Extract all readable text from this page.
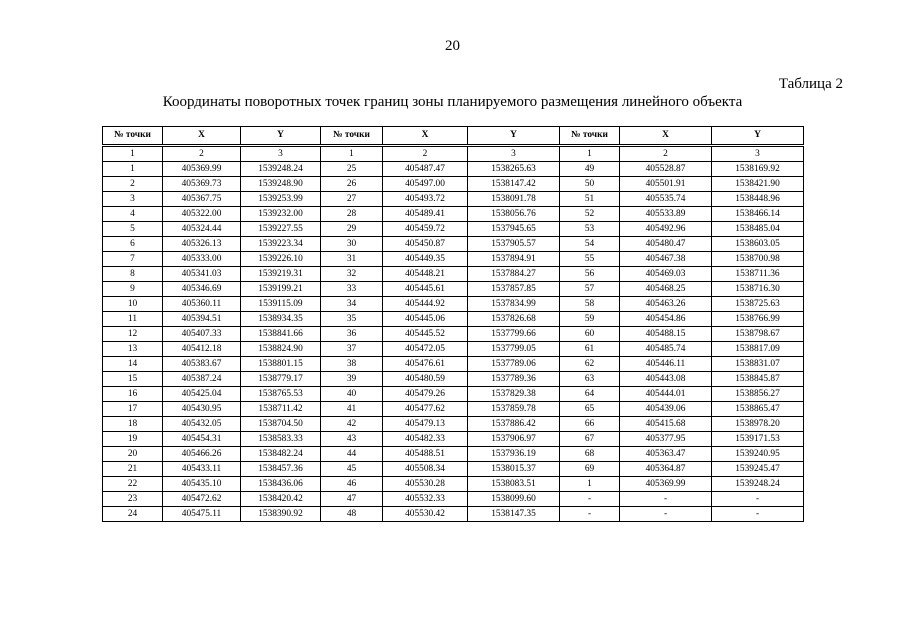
20
Таблица 2
Координаты поворотных точек границ зоны планируемого размещения линейного объекта
№ точки	X	Y	№ точки	X	Y	№ точки	X	Y
1	2	3	1	2	3	1	2	3
1	405369.99	1539248.24	25	405487.47	1538265.63	49	405528.87	1538169.92
2	405369.73	1539248.90	26	405497.00	1538147.42	50	405501.91	1538421.90
3	405367.75	1539253.99	27	405493.72	1538091.78	51	405535.74	1538448.96
4	405322.00	1539232.00	28	405489.41	1538056.76	52	405533.89	1538466.14
5	405324.44	1539227.55	29	405459.72	1537945.65	53	405492.96	1538485.04
6	405326.13	1539223.34	30	405450.87	1537905.57	54	405480.47	1538603.05
7	405333.00	1539226.10	31	405449.35	1537894.91	55	405467.38	1538700.98
8	405341.03	1539219.31	32	405448.21	1537884.27	56	405469.03	1538711.36
9	405346.69	1539199.21	33	405445.61	1537857.85	57	405468.25	1538716.30
10	405360.11	1539115.09	34	405444.92	1537834.99	58	405463.26	1538725.63
11	405394.51	1538934.35	35	405445.06	1537826.68	59	405454.86	1538766.99
12	405407.33	1538841.66	36	405445.52	1537799.66	60	405488.15	1538798.67
13	405412.18	1538824.90	37	405472.05	1537799.05	61	405485.74	1538817.09
14	405383.67	1538801.15	38	405476.61	1537789.06	62	405446.11	1538831.07
15	405387.24	1538779.17	39	405480.59	1537789.36	63	405443.08	1538845.87
16	405425.04	1538765.53	40	405479.26	1537829.38	64	405444.01	1538856.27
17	405430.95	1538711.42	41	405477.62	1537859.78	65	405439.06	1538865.47
18	405432.05	1538704.50	42	405479.13	1537886.42	66	405415.68	1538978.20
19	405454.31	1538583.33	43	405482.33	1537906.97	67	405377.95	1539171.53
20	405466.26	1538482.24	44	405488.51	1537936.19	68	405363.47	1539240.95
21	405433.11	1538457.36	45	405508.34	1538015.37	69	405364.87	1539245.47
22	405435.10	1538436.06	46	405530.28	1538083.51	1	405369.99	1539248.24
23	405472.62	1538420.42	47	405532.33	1538099.60	-	-	-
24	405475.11	1538390.92	48	405530.42	1538147.35	-	-	-
